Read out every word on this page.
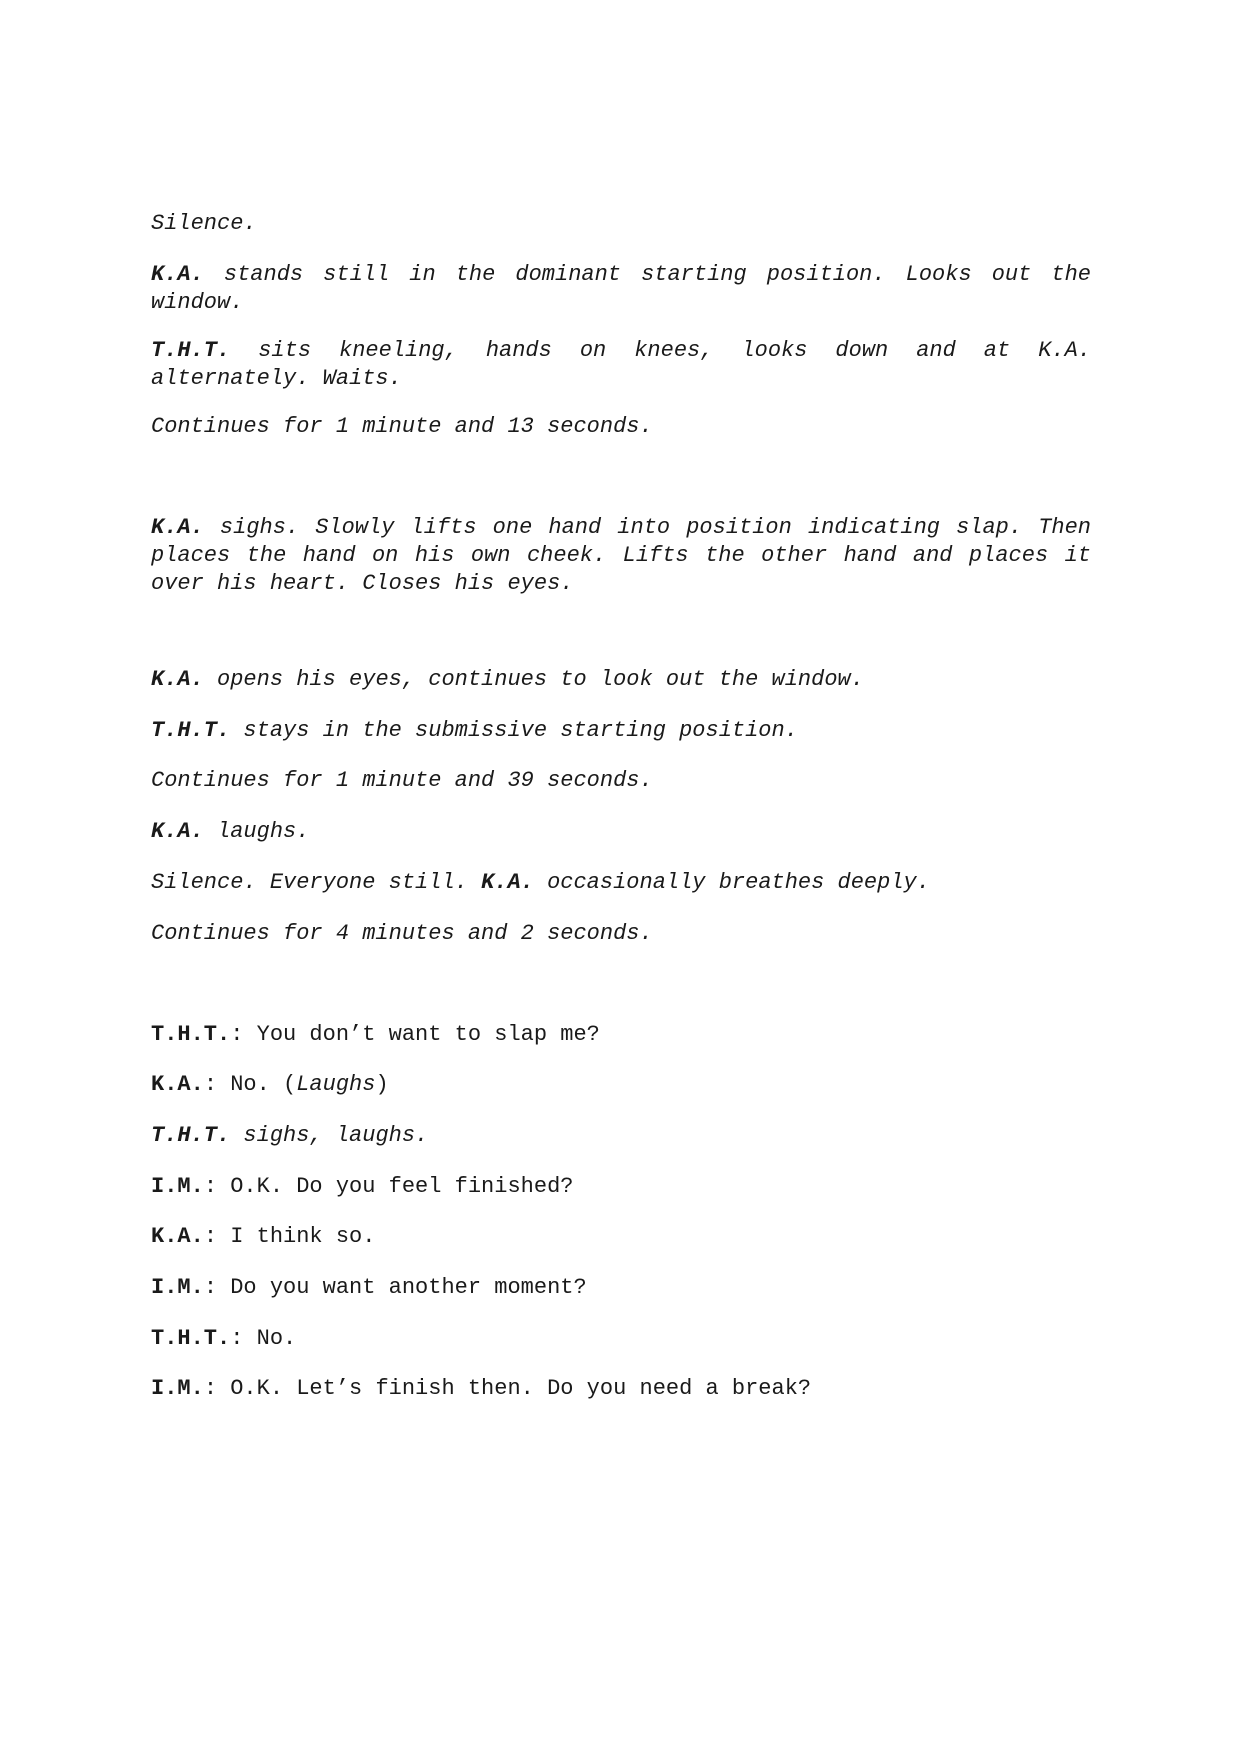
Silence.

K.A. stands still in the dominant starting position. Looks out the window.

T.H.T. sits kneeling, hands on knees, looks down and at K.A. alternately. Waits.

Continues for 1 minute and 13 seconds.

K.A. sighs. Slowly lifts one hand into position indicating slap. Then places the hand on his own cheek. Lifts the other hand and places it over his heart. Closes his eyes.

K.A. opens his eyes, continues to look out the window.

T.H.T. stays in the submissive starting position.

Continues for 1 minute and 39 seconds.

K.A. laughs.

Silence. Everyone still. K.A. occasionally breathes deeply.

Continues for 4 minutes and 2 seconds.

T.H.T.: You don’t want to slap me?

K.A.: No. (Laughs)

T.H.T. sighs, laughs.

I.M.: O.K. Do you feel finished?

K.A.: I think so.

I.M.: Do you want another moment?

T.H.T.: No.

I.M.: O.K. Let’s finish then. Do you need a break?
